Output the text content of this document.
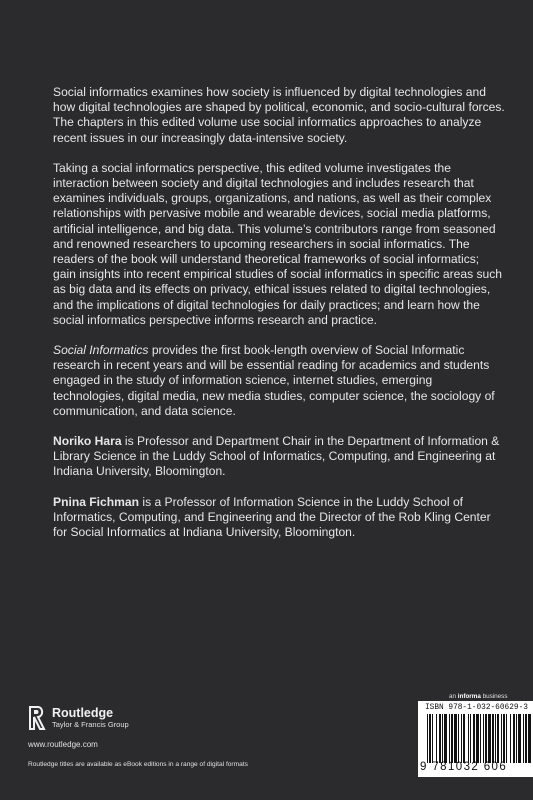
Social informatics examines how society is influenced by digital technologies and how digital technologies are shaped by political, economic, and socio-cultural forces. The chapters in this edited volume use social informatics approaches to analyze recent issues in our increasingly data-intensive society.

Taking a social informatics perspective, this edited volume investigates the interaction between society and digital technologies and includes research that examines individuals, groups, organizations, and nations, as well as their complex relationships with pervasive mobile and wearable devices, social media platforms, artificial intelligence, and big data. This volume’s contributors range from seasoned and renowned researchers to upcoming researchers in social informatics. The readers of the book will understand theoretical frameworks of social informatics; gain insights into recent empirical studies of social informatics in specific areas such as big data and its effects on privacy, ethical issues related to digital technologies, and the implications of digital technologies for daily practices; and learn how the social informatics perspective informs research and practice.

Social Informatics provides the first book-length overview of Social Informatic research in recent years and will be essential reading for academics and students engaged in the study of information science, internet studies, emerging technologies, digital media, new media studies, computer science, the sociology of communication, and data science.

Noriko Hara is Professor and Department Chair in the Department of Information & Library Science in the Luddy School of Informatics, Computing, and Engineering at Indiana University, Bloomington.

Pnina Fichman is a Professor of Information Science in the Luddy School of Informatics, Computing, and Engineering and the Director of the Rob Kling Center for Social Informatics at Indiana University, Bloomington.

Routledge
Taylor & Francis Group
www.routledge.com
Routledge titles are available as eBook editions in a range of digital formats
an informa business
ISBN 978-1-032-60629-3
9 781032 606
